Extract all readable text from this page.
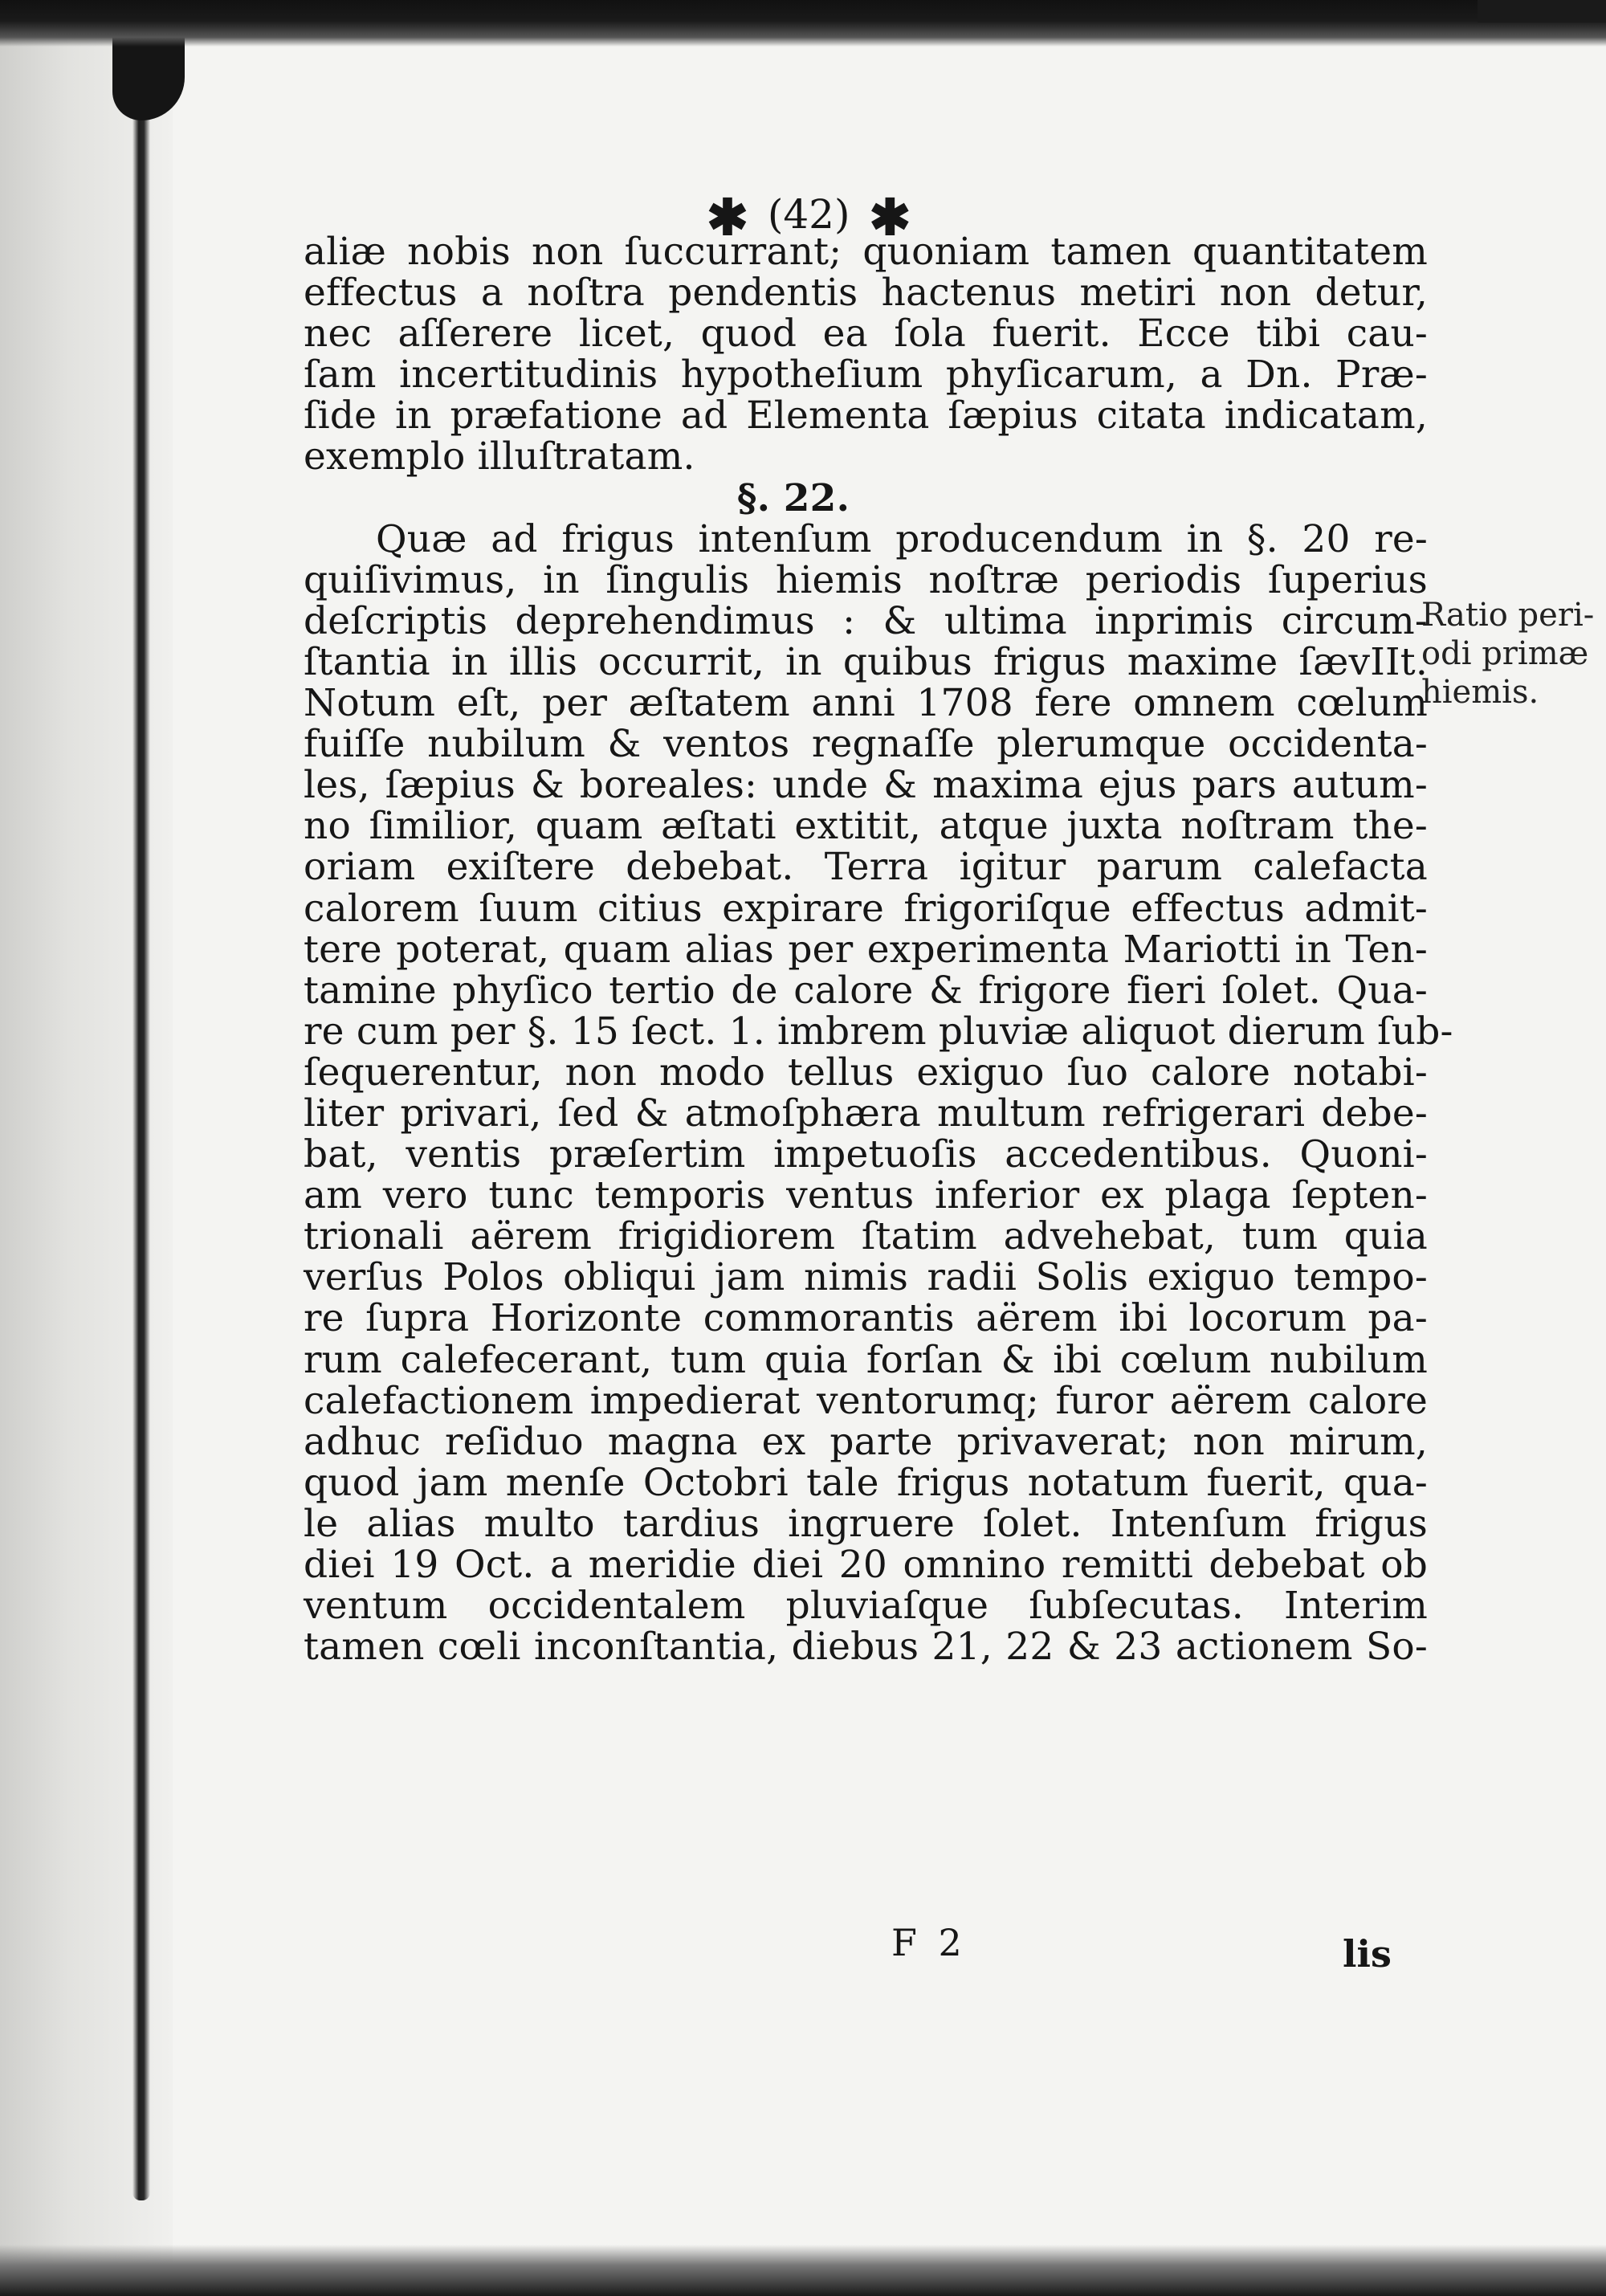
✱ (42) ✱
aliæ nobis non ſuccurrant; quoniam tamen quantitatem
effectus a noſtra pendentis hactenus metiri non detur,
nec aſſerere licet, quod ea ſola fuerit. Ecce tibi cau-
ſam incertitudinis hypotheſium phyſicarum, a Dn. Præ-
ſide in præfatione ad Elementa ſæpius citata indicatam,
exemplo illuſtratam.
§. 22.
Quæ ad frigus intenſum producendum in §. 20 re-
quiſivimus, in ſingulis hiemis noſtræ periodis ſuperius
deſcriptis deprehendimus : & ultima inprimis circum-
ſtantia in illis occurrit, in quibus frigus maxime ſævIIt.
Notum eſt, per æſtatem anni 1708 fere omnem cœlum
fuiſſe nubilum & ventos regnaſſe plerumque occidenta-
les, ſæpius & boreales: unde & maxima ejus pars autum-
no ſimilior, quam æſtati extitit, atque juxta noſtram the-
oriam exiſtere debebat. Terra igitur parum calefacta
calorem ſuum citius expirare frigoriſque effectus admit-
tere poterat, quam alias per experimenta Mariotti in Ten-
tamine phyſico tertio de calore & frigore fieri ſolet. Qua-
re cum per §. 15 ſect. 1. imbrem pluviæ aliquot dierum ſub-
ſequerentur, non modo tellus exiguo ſuo calore notabi-
liter privari, ſed & atmoſphæra multum refrigerari debe-
bat, ventis præſertim impetuoſis accedentibus. Quoni-
am vero tunc temporis ventus inferior ex plaga ſepten-
trionali aërem frigidiorem ſtatim advehebat, tum quia
verſus Polos obliqui jam nimis radii Solis exiguo tempo-
re ſupra Horizonte commorantis aërem ibi locorum pa-
rum calefecerant, tum quia forſan & ibi cœlum nubilum
calefactionem impedierat ventorumq; furor aërem calore
adhuc reſiduo magna ex parte privaverat; non mirum,
quod jam menſe Octobri tale frigus notatum fuerit, qua-
le alias multo tardius ingruere ſolet. Intenſum frigus
diei 19 Oct. a meridie diei 20 omnino remitti debebat ob
ventum occidentalem pluviaſque ſubſecutas. Interim
tamen cœli inconſtantia, diebus 21, 22 & 23 actionem So-
Ratio peri-
odi primæ
hiemis.
F 2	lis
